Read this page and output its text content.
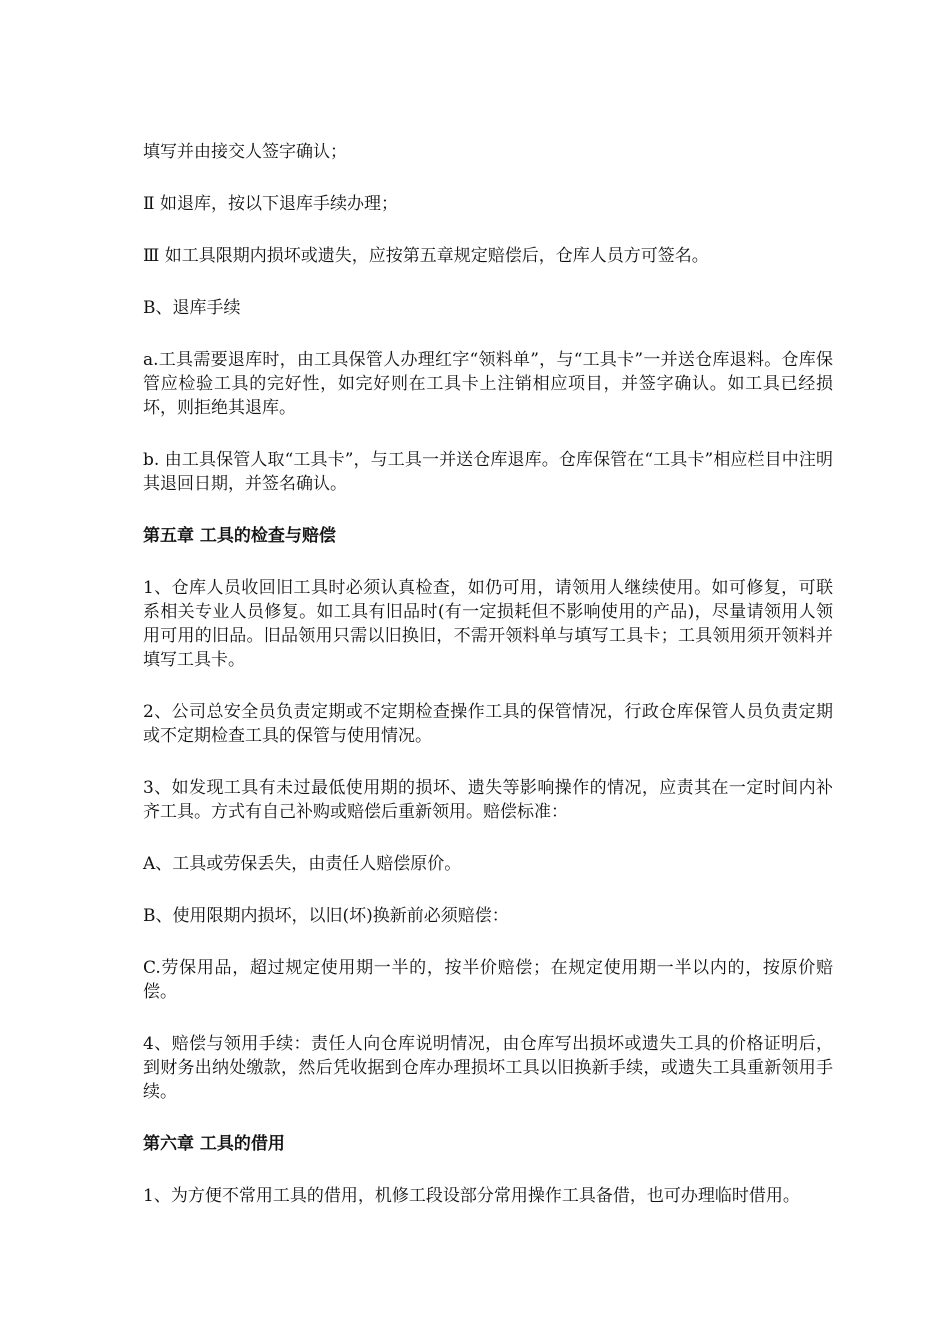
填写并由接交人签字确认；

Ⅱ 如退库，按以下退库手续办理；

Ⅲ 如工具限期内损坏或遗失，应按第五章规定赔偿后，仓库人员方可签名。

B、退库手续

a.工具需要退库时，由工具保管人办理红字“领料单”，与“工具卡”一并送仓库退料。仓库保管应检验工具的完好性，如完好则在工具卡上注销相应项目，并签字确认。如工具已经损坏，则拒绝其退库。

b. 由工具保管人取“工具卡”，与工具一并送仓库退库。仓库保管在“工具卡”相应栏目中注明其退回日期，并签名确认。

第五章 工具的检查与赔偿

1、仓库人员收回旧工具时必须认真检查，如仍可用，请领用人继续使用。如可修复，可联系相关专业人员修复。如工具有旧品时(有一定损耗但不影响使用的产品)，尽量请领用人领用可用的旧品。旧品领用只需以旧换旧，不需开领料单与填写工具卡；工具领用须开领料并填写工具卡。

2、公司总安全员负责定期或不定期检查操作工具的保管情况，行政仓库保管人员负责定期或不定期检查工具的保管与使用情况。

3、如发现工具有未过最低使用期的损坏、遗失等影响操作的情况，应责其在一定时间内补齐工具。方式有自己补购或赔偿后重新领用。赔偿标准：

A、工具或劳保丢失，由责任人赔偿原价。

B、使用限期内损坏，以旧(坏)换新前必须赔偿：

C.劳保用品，超过规定使用期一半的，按半价赔偿；在规定使用期一半以内的，按原价赔偿。

4、赔偿与领用手续：责任人向仓库说明情况，由仓库写出损坏或遗失工具的价格证明后，到财务出纳处缴款，然后凭收据到仓库办理损坏工具以旧换新手续，或遗失工具重新领用手续。

第六章 工具的借用

1、为方便不常用工具的借用，机修工段设部分常用操作工具备借，也可办理临时借用。
